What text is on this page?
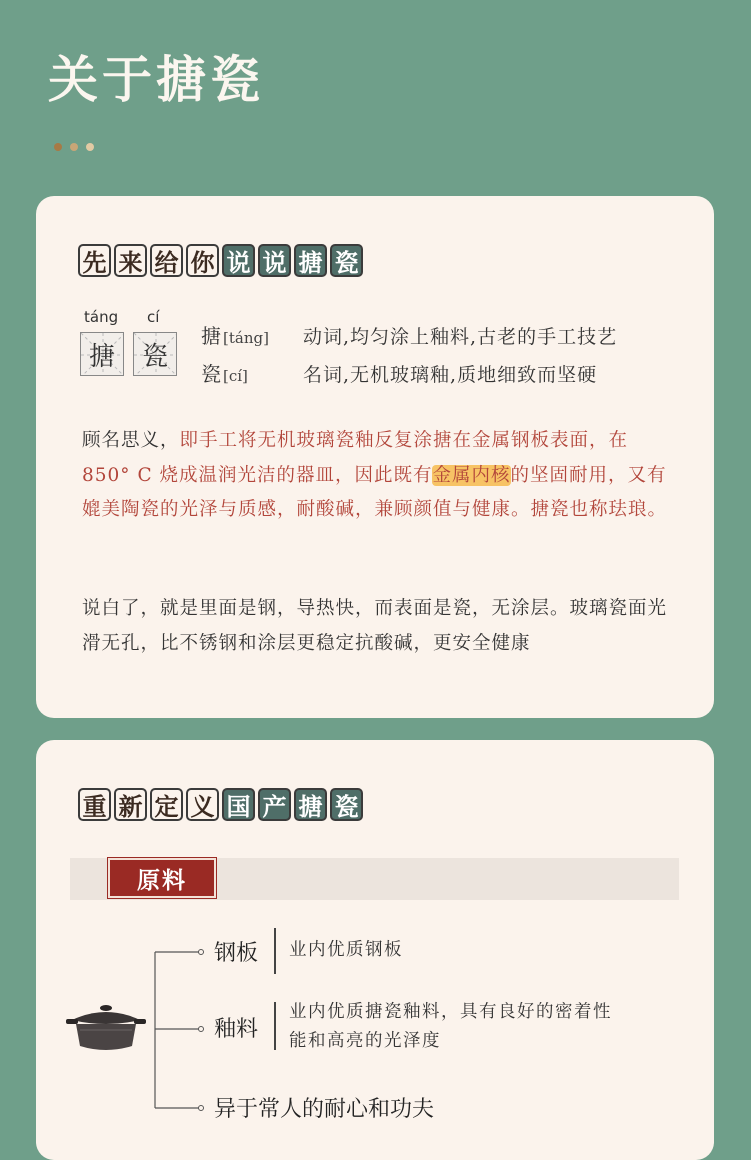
关于搪瓷
先 来 给 你 说 说 搪 瓷
táng cí
搪 瓷
搪 [táng]	动词,均匀涂上釉料,古老的手工技艺
瓷 [cí]	名词,无机玻璃釉,质地细致而坚硬

顾名思义，即手工将无机玻璃瓷釉反复涂搪在金属钢板表面，在 850° C 烧成温润光洁的器皿，因此既有金属内核的坚固耐用，又有媲美陶瓷的光泽与质感，耐酸碱，兼顾颜值与健康。搪瓷也称珐琅。

说白了，就是里面是钢，导热快，而表面是瓷，无涂层。玻璃瓷面光滑无孔，比不锈钢和涂层更稳定抗酸碱，更安全健康

重 新 定 义 国 产 搪 瓷
原料
钢板 业内优质钢板
釉料
业内优质搪瓷釉料，具有良好的密着性
能和高亮的光泽度
异于常人的耐心和功夫
